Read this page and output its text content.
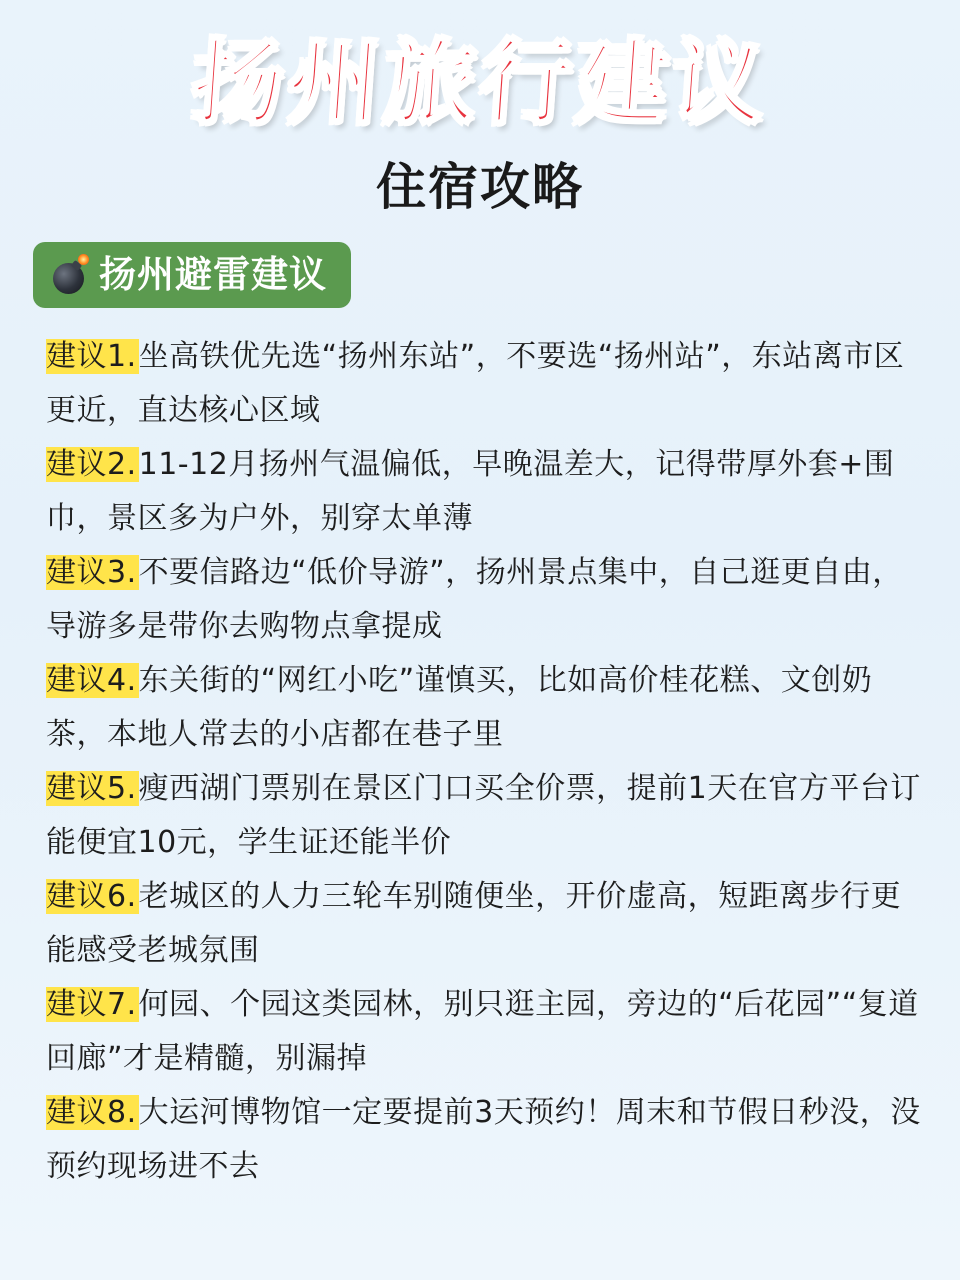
扬州旅行建议
住宿攻略
扬州避雷建议
建议1.坐高铁优先选“扬州东站”，不要选“扬州站”，东站离市区更近，直达核心区域
建议2.11-12月扬州气温偏低，早晚温差大，记得带厚外套+围巾，景区多为户外，别穿太单薄
建议3.不要信路边“低价导游”，扬州景点集中，自己逛更自由，导游多是带你去购物点拿提成
建议4.东关街的“网红小吃”谨慎买，比如高价桂花糕、文创奶茶，本地人常去的小店都在巷子里
建议5.瘦西湖门票别在景区门口买全价票，提前1天在官方平台订能便宜10元，学生证还能半价
建议6.老城区的人力三轮车别随便坐，开价虚高，短距离步行更能感受老城氛围
建议7.何园、个园这类园林，别只逛主园，旁边的“后花园”“复道回廊”才是精髓，别漏掉
建议8.大运河博物馆一定要提前3天预约！周末和节假日秒没，没预约现场进不去
